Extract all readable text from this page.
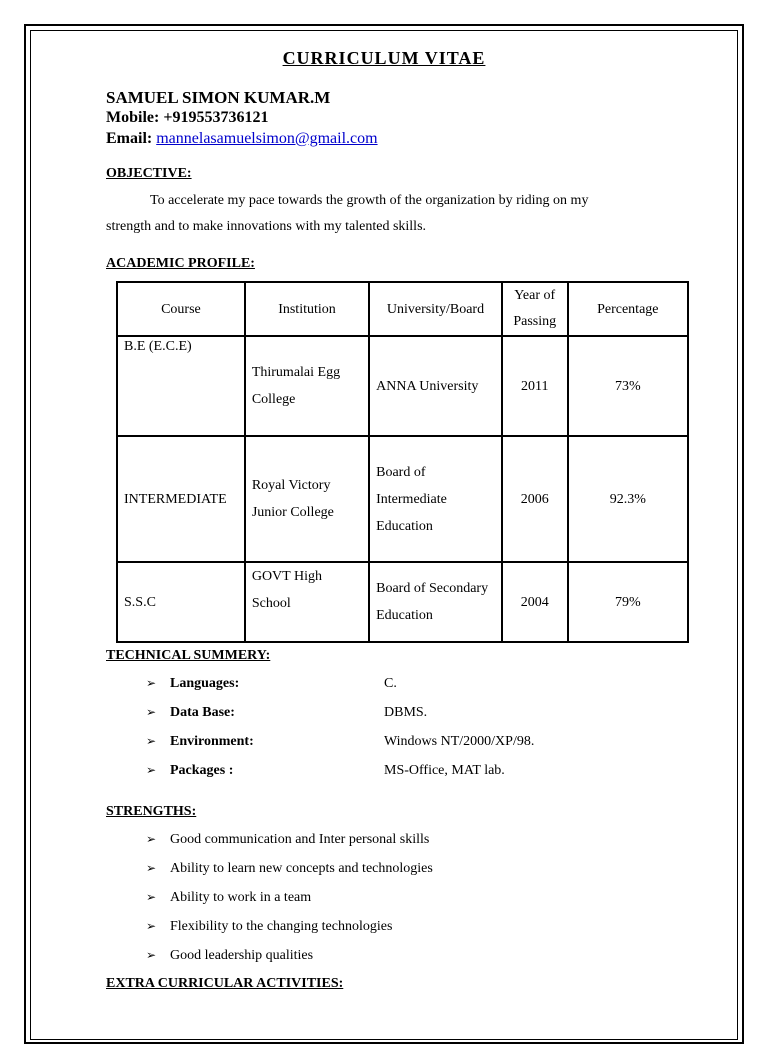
CURRICULUM VITAE
SAMUEL SIMON KUMAR.M
Mobile: +919553736121
Email: mannelasamuelsimon@gmail.com
OBJECTIVE:
To accelerate my pace towards the growth of the organization by riding on my
strength and to make innovations with my talented skills.
ACADEMIC PROFILE:
Course	Institution	University/Board	Year of Passing	Percentage
B.E (E.C.E)	Thirumalai Egg College	ANNA University	2011	73%
INTERMEDIATE	Royal Victory Junior College	Board of Intermediate Education	2006	92.3%
S.S.C	GOVT High School	Board of Secondary Education	2004	79%
TECHNICAL SUMMERY:
➢ Languages:	C.
➢ Data Base:	DBMS.
➢ Environment:	Windows NT/2000/XP/98.
➢ Packages :	MS-Office, MAT lab.
STRENGTHS:
➢ Good communication and Inter personal skills
➢ Ability to learn new concepts and technologies
➢ Ability to work in a team
➢ Flexibility to the changing technologies
➢ Good leadership qualities
EXTRA CURRICULAR ACTIVITIES:
